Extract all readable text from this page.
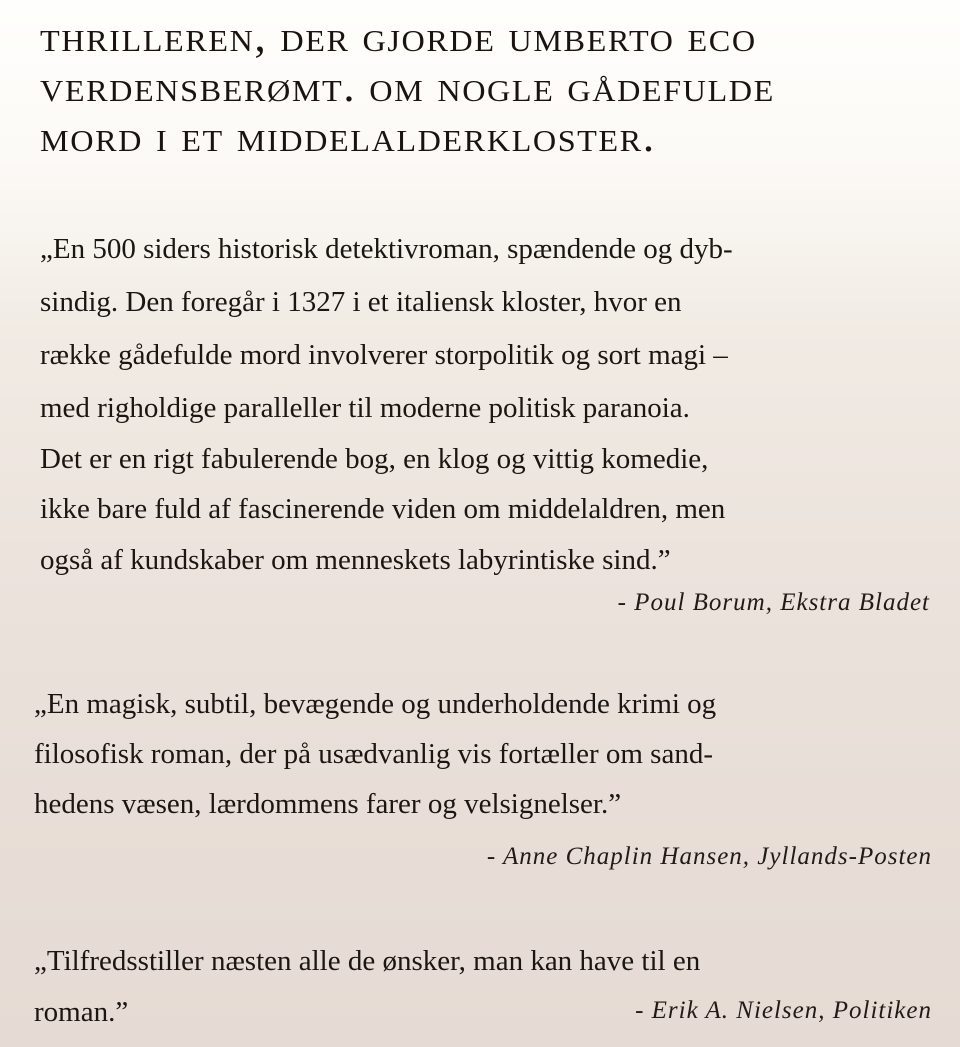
thrilleren, der gjorde umberto eco
verdensberømt. om nogle gådefulde
mord i et middelalderkloster.
„En 500 siders historisk detektivroman, spændende og dyb-
sindig. Den foregår i 1327 i et italiensk kloster, hvor en
række gådefulde mord involverer storpolitik og sort magi –
med righoldige paralleller til moderne politisk paranoia.
Det er en rigt fabulerende bog, en klog og vittig komedie,
ikke bare fuld af fascinerende viden om middelaldren, men
også af kundskaber om menneskets labyrintiske sind.”
- Poul Borum, Ekstra Bladet
„En magisk, subtil, bevægende og underholdende krimi og
filosofisk roman, der på usædvanlig vis fortæller om sand-
hedens væsen, lærdommens farer og velsignelser.”
- Anne Chaplin Hansen, Jyllands-Posten
„Tilfredsstiller næsten alle de ønsker, man kan have til en
roman.”	- Erik A. Nielsen, Politiken
